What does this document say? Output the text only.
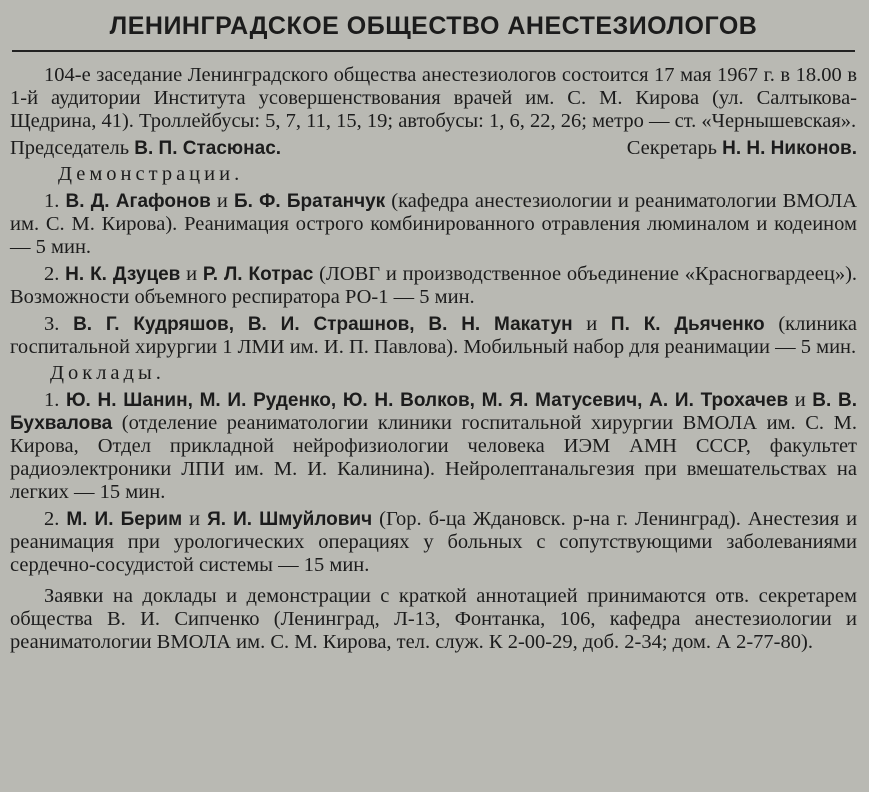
ЛЕНИНГРАДСКОЕ ОБЩЕСТВО АНЕСТЕЗИОЛОГОВ

104-е заседание Ленинградского общества анестезиологов состоится 17 мая 1967 г. в 18.00 в 1-й аудитории Института усовершенствования врачей им. С. М. Кирова (ул. Салтыкова-Щедрина, 41). Троллейбусы: 5, 7, 11, 15, 19; автобусы: 1, 6, 22, 26; метро — ст. «Чернышевская».

Председатель В. П. Стасюнас.	Секретарь Н. Н. Никонов.
Демонстрации.

1. В. Д. Агафонов и Б. Ф. Братанчук (кафедра анестезиологии и реаниматологии ВМОЛА им. С. М. Кирова). Реанимация острого комбинированного отравления люминалом и кодеином — 5 мин.

2. Н. К. Дзуцев и Р. Л. Котрас (ЛОВГ и производственное объединение «Красногвардеец»). Возможности объемного респиратора РО-1 — 5 мин.

3. В. Г. Кудряшов, В. И. Страшнов, В. Н. Макатун и П. К. Дьяченко (клиника госпитальной хирургии 1 ЛМИ им. И. П. Павлова). Мобильный набор для реанимации — 5 мин.

Доклады.

1. Ю. Н. Шанин, М. И. Руденко, Ю. Н. Волков, М. Я. Матусевич, А. И. Трохачев и В. В. Бухвалова (отделение реаниматологии клиники госпитальной хирургии ВМОЛА им. С. М. Кирова, Отдел прикладной нейрофизиологии человека ИЭМ АМН СССР, факультет радиоэлектроники ЛПИ им. М. И. Калинина). Нейролептанальгезия при вмешательствах на легких — 15 мин.

2. М. И. Берим и Я. И. Шмуйлович (Гор. б-ца Ждановск. р-на г. Ленинград). Анестезия и реанимация при урологических операциях у больных с сопутствующими заболеваниями сердечно-сосудистой системы — 15 мин.

Заявки на доклады и демонстрации с краткой аннотацией принимаются отв. секретарем общества В. И. Сипченко (Ленинград, Л-13, Фонтанка, 106, кафедра анестезиологии и реаниматологии ВМОЛА им. С. М. Кирова, тел. служ. К 2-00-29, доб. 2-34; дом. А 2-77-80).
